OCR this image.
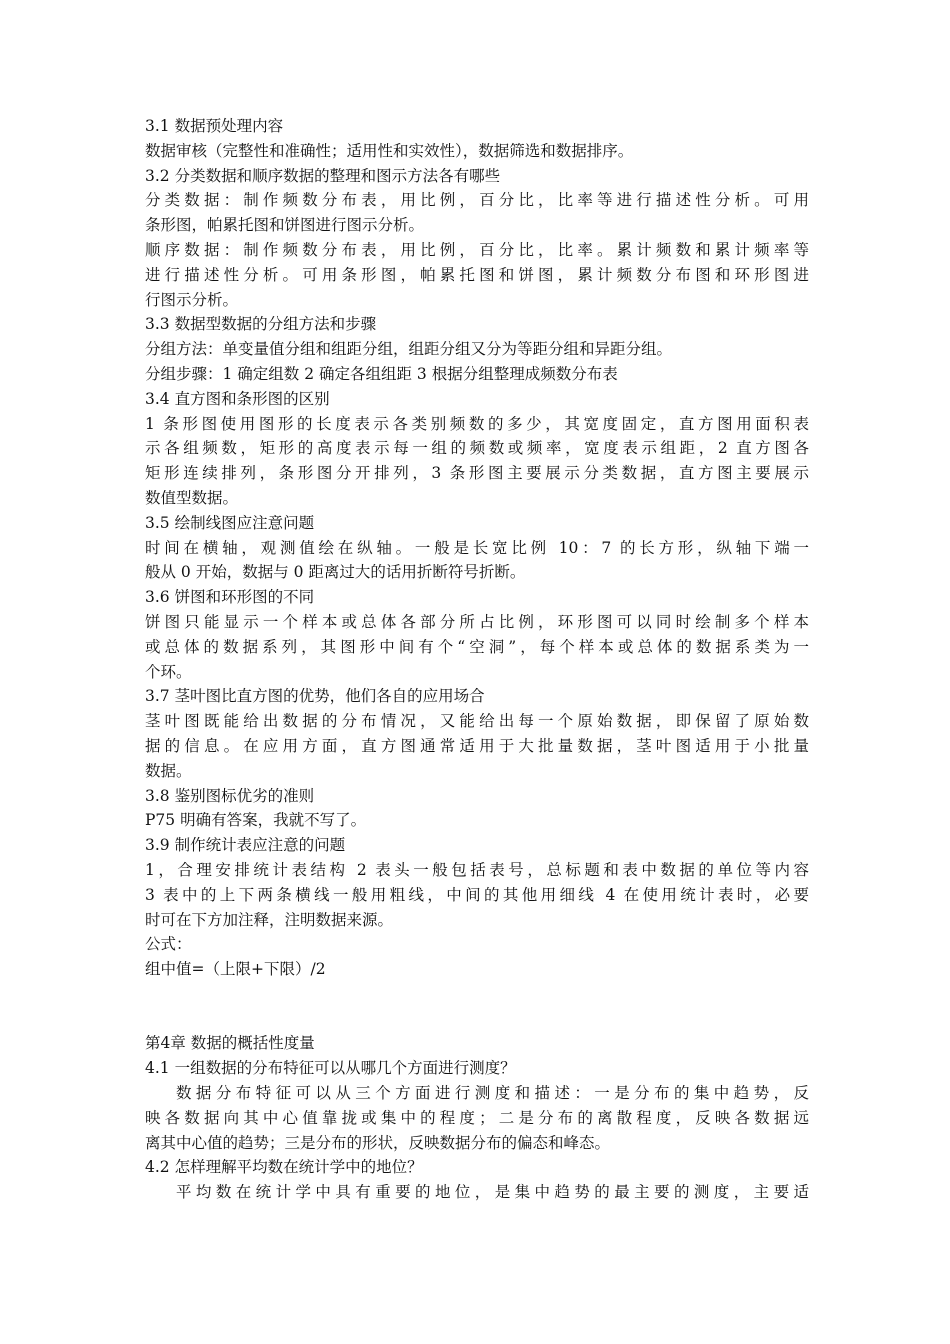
3.1 数据预处理内容
数据审核（完整性和准确性；适用性和实效性），数据筛选和数据排序。
3.2 分类数据和顺序数据的整理和图示方法各有哪些
分类数据：制作频数分布表，用比例，百分比，比率等进行描述性分析。可用
条形图，帕累托图和饼图进行图示分析。
顺序数据：制作频数分布表，用比例，百分比，比率。累计频数和累计频率等
进行描述性分析。可用条形图，帕累托图和饼图，累计频数分布图和环形图进
行图示分析。
3.3 数据型数据的分组方法和步骤
分组方法：单变量值分组和组距分组，组距分组又分为等距分组和异距分组。
分组步骤：1 确定组数 2 确定各组组距 3 根据分组整理成频数分布表
3.4 直方图和条形图的区别
1 条形图使用图形的长度表示各类别频数的多少，其宽度固定，直方图用面积表
示各组频数，矩形的高度表示每一组的频数或频率，宽度表示组距，2 直方图各
矩形连续排列，条形图分开排列，3 条形图主要展示分类数据，直方图主要展示
数值型数据。
3.5 绘制线图应注意问题
时间在横轴，观测值绘在纵轴。一般是长宽比例 10：7 的长方形，纵轴下端一
般从 0 开始，数据与 0 距离过大的话用折断符号折断。
3.6 饼图和环形图的不同
饼图只能显示一个样本或总体各部分所占比例，环形图可以同时绘制多个样本
或总体的数据系列，其图形中间有个“空洞”，每个样本或总体的数据系类为一
个环。
3.7 茎叶图比直方图的优势，他们各自的应用场合
茎叶图既能给出数据的分布情况，又能给出每一个原始数据，即保留了原始数
据的信息。在应用方面，直方图通常适用于大批量数据，茎叶图适用于小批量
数据。
3.8 鉴别图标优劣的准则
P75 明确有答案，我就不写了。
3.9 制作统计表应注意的问题
1，合理安排统计表结构 2 表头一般包括表号，总标题和表中数据的单位等内容
3 表中的上下两条横线一般用粗线，中间的其他用细线 4 在使用统计表时，必要
时可在下方加注释，注明数据来源。
公式：
组中值=（上限+下限）/2
第4章 数据的概括性度量
4.1 一组数据的分布特征可以从哪几个方面进行测度？
数据分布特征可以从三个方面进行测度和描述：一是分布的集中趋势，反
映各数据向其中心值靠拢或集中的程度；二是分布的离散程度，反映各数据远
离其中心值的趋势；三是分布的形状，反映数据分布的偏态和峰态。
4.2 怎样理解平均数在统计学中的地位？
平均数在统计学中具有重要的地位，是集中趋势的最主要的测度，主要适
